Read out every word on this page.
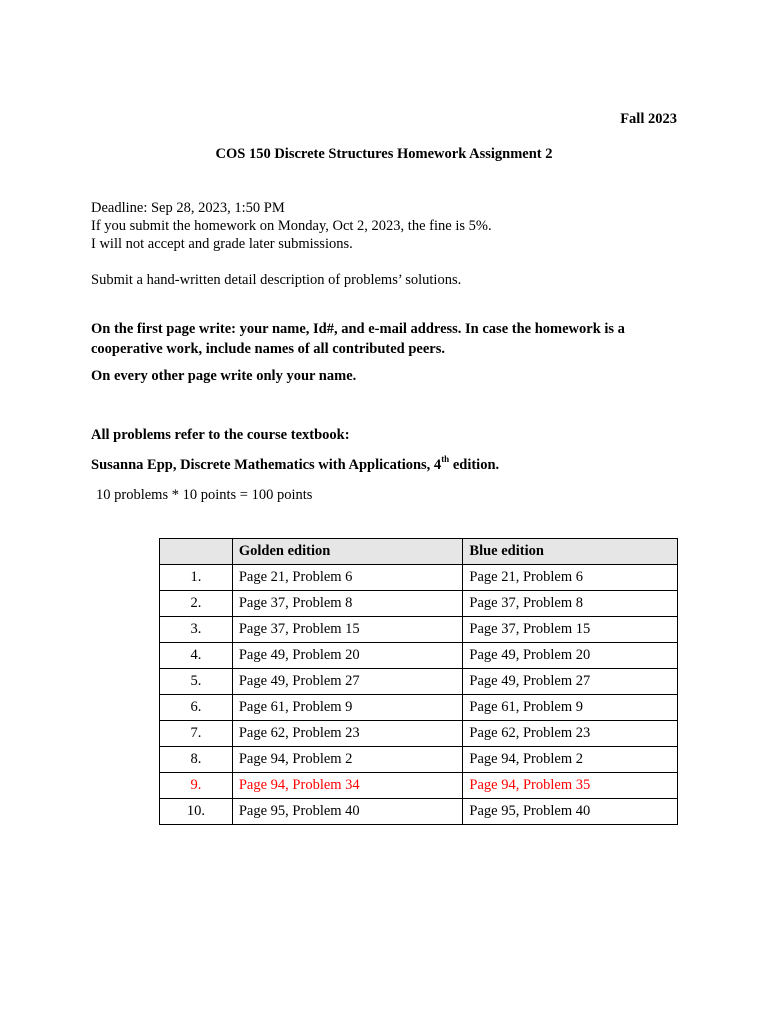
Fall 2023
COS 150 Discrete Structures Homework Assignment 2
Deadline: Sep 28, 2023, 1:50 PM
If you submit the homework on Monday, Oct 2, 2023, the fine is 5%.
I will not accept and grade later submissions.
Submit a hand-written detail description of problems’ solutions.
On the first page write: your name, Id#, and e-mail address. In case the homework is a cooperative work, include names of all contributed peers.
On every other page write only your name.
All problems refer to the course textbook:
Susanna Epp, Discrete Mathematics with Applications, 4th edition.
10 problems * 10 points = 100 points
	Golden edition	Blue edition
1.	Page 21, Problem 6	Page 21, Problem 6
2.	Page 37, Problem 8	Page 37, Problem 8
3.	Page 37, Problem 15	Page 37, Problem 15
4.	Page 49, Problem 20	Page 49, Problem 20
5.	Page 49, Problem 27	Page 49, Problem 27
6.	Page 61, Problem 9	Page 61, Problem 9
7.	Page 62, Problem 23	Page 62, Problem 23
8.	Page 94, Problem 2	Page 94, Problem 2
9.	Page 94, Problem 34	Page 94, Problem 35
10.	Page 95, Problem 40	Page 95, Problem 40
